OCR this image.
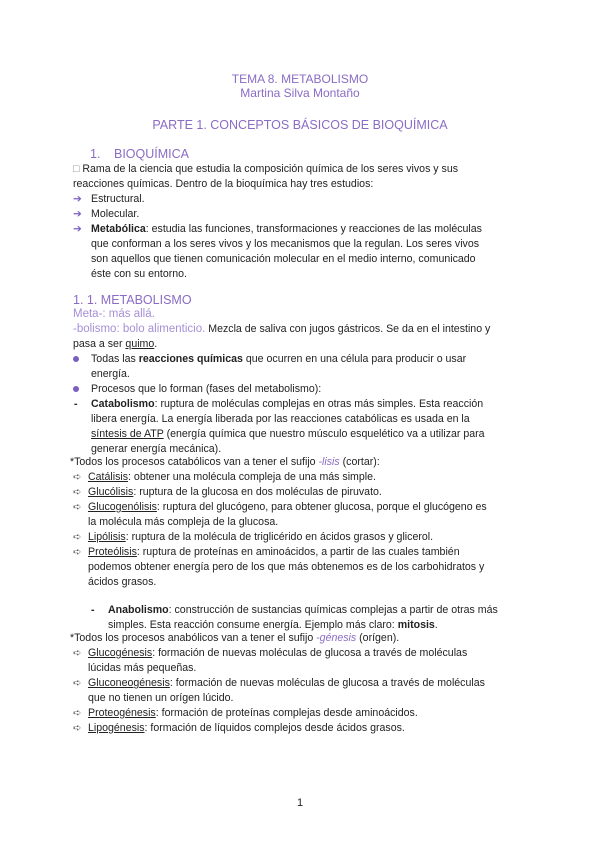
TEMA 8. METABOLISMO
Martina Silva Montaño
PARTE 1. CONCEPTOS BÁSICOS DE BIOQUÍMICA
1. BIOQUÍMICA
□ Rama de la ciencia que estudia la composición química de los seres vivos y sus
reacciones químicas. Dentro de la bioquímica hay tres estudios:
➔ Estructural.
➔ Molecular.
➔ Metabólica: estudia las funciones, transformaciones y reacciones de las moléculas
que conforman a los seres vivos y los mecanismos que la regulan. Los seres vivos
son aquellos que tienen comunicación molecular en el medio interno, comunicado
éste con su entorno.
1. 1. METABOLISMO
Meta-: más allá.
-bolismo: bolo alimenticio. Mezcla de saliva con jugos gástricos. Se da en el intestino y
pasa a ser quimo.
Todas las reacciones químicas que ocurren en una célula para producir o usar
energía.
Procesos que lo forman (fases del metabolismo):
- Catabolismo: ruptura de moléculas complejas en otras más simples. Esta reacción
libera energía. La energía liberada por las reacciones catabólicas es usada en la
síntesis de ATP (energía química que nuestro músculo esquelético va a utilizar para
generar energía mecánica).
*Todos los procesos catabólicos van a tener el sufijo -lisis (cortar):
➪ Catálisis: obtener una molécula compleja de una más simple.
➪ Glucólisis: ruptura de la glucosa en dos moléculas de piruvato.
➪ Glucogenólisis: ruptura del glucógeno, para obtener glucosa, porque el glucógeno es
la molécula más compleja de la glucosa.
➪ Lipólisis: ruptura de la molécula de triglicérido en ácidos grasos y glicerol.
➪ Proteólisis: ruptura de proteínas en aminoácidos, a partir de las cuales también
podemos obtener energía pero de los que más obtenemos es de los carbohidratos y
ácidos grasos.
- Anabolismo: construcción de sustancias químicas complejas a partir de otras más
simples. Esta reacción consume energía. Ejemplo más claro: mitosis.
*Todos los procesos anabólicos van a tener el sufijo -génesis (orígen).
➪ Glucogénesis: formación de nuevas moléculas de glucosa a través de moléculas
lúcidas más pequeñas.
➪ Gluconeogénesis: formación de nuevas moléculas de glucosa a través de moléculas
que no tienen un orígen lúcido.
➪ Proteogénesis: formación de proteínas complejas desde aminoácidos.
➪ Lipogénesis: formación de líquidos complejos desde ácidos grasos.
1
